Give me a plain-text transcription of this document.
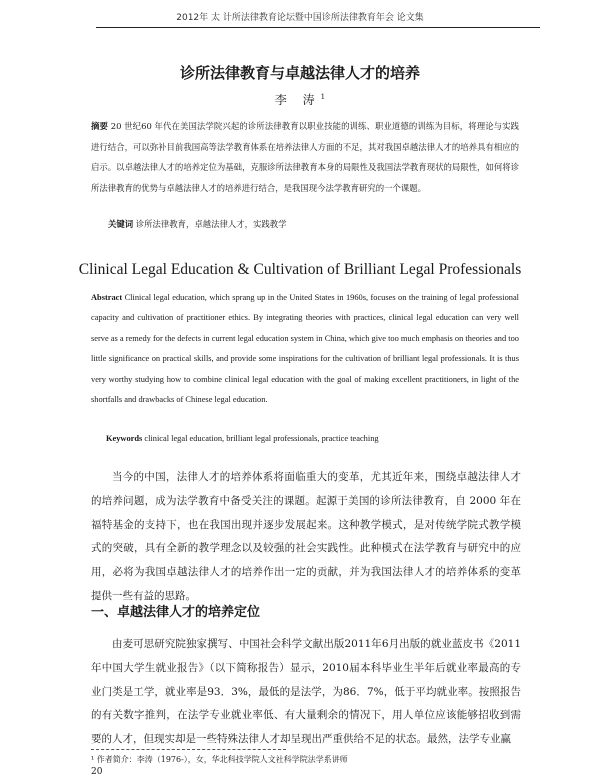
2012年 太 计所法律教育论坛暨中国诊所法律教育年会 论文集
诊所法律教育与卓越法律人才的培养
李 涛$^1$
摘要 20 世纪60 年代在美国法学院兴起的诊所法律教育以职业技能的训练、职业道德的训练为目标，将理论与实践进行结合，可以弥补目前我国高等法学教育体系在培养法律人方面的不足，其对我国卓越法律人才的培养具有相应的启示。以卓越法律人才的培养定位为基础，克服诊所法律教育本身的局限性及我国法学教育现状的局限性，如何将诊所法律教育的优势与卓越法律人才的培养进行结合，是我国现今法学教育研究的一个课题。
关键词 诊所法律教育，卓越法律人才，实践教学
Clinical Legal Education & Cultivation of Brilliant Legal Professionals
Abstract Clinical legal education, which sprang up in the United States in 1960s, focuses on the training of legal professional capacity and cultivation of practitioner ethics. By integrating theories with practices, clinical legal education can very well serve as a remedy for the defects in current legal education system in China, which give too much emphasis on theories and too little significance on practical skills, and provide some inspirations for the cultivation of brilliant legal professionals. It is thus very worthy studying how to combine clinical legal education with the goal of making excellent practitioners, in light of the shortfalls and drawbacks of Chinese legal education.
Keywords clinical legal education, brilliant legal professionals, practice teaching
当今的中国，法律人才的培养体系将面临重大的变革，尤其近年来，围绕卓越法律人才的培养问题，成为法学教育中备受关注的课题。起源于美国的诊所法律教育，自 2000 年在福特基金的支持下，也在我国出现并逐步发展起来。这种教学模式，是对传统学院式教学模式的突破，具有全新的教学理念以及较强的社会实践性。此种模式在法学教育与研究中的应用，必将为我国卓越法律人才的培养作出一定的贡献，并为我国法律人才的培养体系的变革提供一些有益的思路。
一、卓越法律人才的培养定位
由麦可思研究院独家撰写、中国社会科学文献出版2011年6月出版的就业蓝皮书《2011年中国大学生就业报告》（以下简称报告）显示，2010届本科毕业生半年后就业率最高的专业门类是工学，就业率是93．3%，最低的是法学，为86．7%，低于平均就业率。按照报告的有关数字推判，在法学专业就业率低、有大量剩余的情况下，用人单位应该能够招收到需要的人才，但现实却是一些特殊法律人才却呈现出严重供给不足的状态。最然，法学专业赢
¹ 作者简介：李涛（1976-），女，华北科技学院人文社科学院法学系讲师
20
